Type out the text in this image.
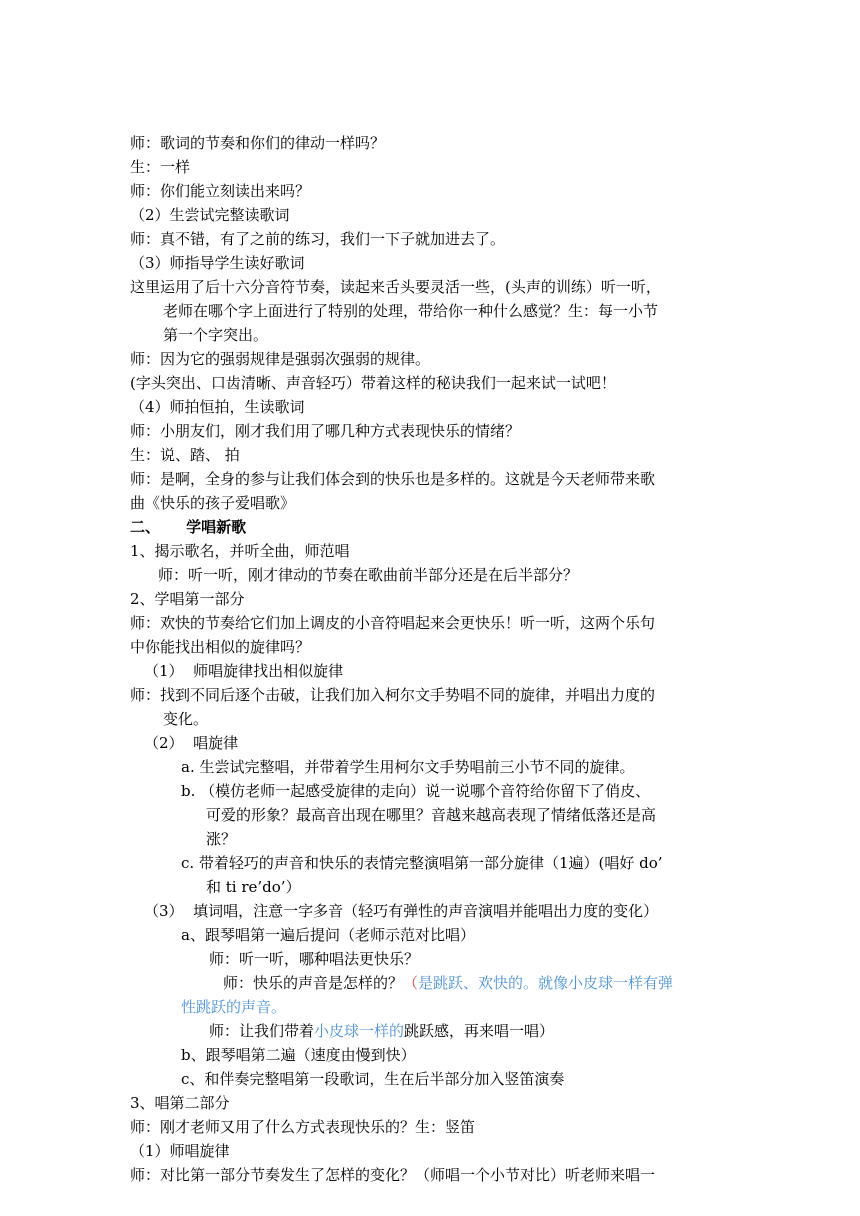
师：歌词的节奏和你们的律动一样吗？
生：一样
师：你们能立刻读出来吗？
（2）生尝试完整读歌词
师：真不错，有了之前的练习，我们一下子就加进去了。
（3）师指导学生读好歌词
这里运用了后十六分音符节奏，读起来舌头要灵活一些，(头声的训练）听一听，
老师在哪个字上面进行了特别的处理，带给你一种什么感觉？生：每一小节
第一个字突出。
师：因为它的强弱规律是强弱次强弱的规律。
(字头突出、口齿清晰、声音轻巧）带着这样的秘诀我们一起来试一试吧！
（4）师拍恒拍，生读歌词
师：小朋友们，刚才我们用了哪几种方式表现快乐的情绪？
生：说、踏、 拍
师：是啊，全身的参与让我们体会到的快乐也是多样的。这就是今天老师带来歌
曲《快乐的孩子爱唱歌》
二、     学唱新歌
1、揭示歌名，并听全曲，师范唱
师：听一听，刚才律动的节奏在歌曲前半部分还是在后半部分？
2、学唱第一部分
师：欢快的节奏给它们加上调皮的小音符唱起来会更快乐！听一听，这两个乐句
中你能找出相似的旋律吗？
（1）  师唱旋律找出相似旋律
师：找到不同后逐个击破，让我们加入柯尔文手势唱不同的旋律，并唱出力度的
变化。
（2）  唱旋律
a. 生尝试完整唱，并带着学生用柯尔文手势唱前三小节不同的旋律。
b. （模仿老师一起感受旋律的走向）说一说哪个音符给你留下了俏皮、
可爱的形象？最高音出现在哪里？音越来越高表现了情绪低落还是高
涨？
c. 带着轻巧的声音和快乐的表情完整演唱第一部分旋律（1遍）(唱好 do’
和 ti re’do’）
（3）  填词唱，注意一字多音（轻巧有弹性的声音演唱并能唱出力度的变化）
a、跟琴唱第一遍后提问（老师示范对比唱）
师：听一听，哪种唱法更快乐？
师：快乐的声音是怎样的？（是跳跃、欢快的。就像小皮球一样有弹
性跳跃的声音。
师：让我们带着小皮球一样的跳跃感，再来唱一唱）
b、跟琴唱第二遍（速度由慢到快）
c、和伴奏完整唱第一段歌词，生在后半部分加入竖笛演奏
3、唱第二部分
师：刚才老师又用了什么方式表现快乐的？生：竖笛
（1）师唱旋律
师：对比第一部分节奏发生了怎样的变化？（师唱一个小节对比）听老师来唱一
